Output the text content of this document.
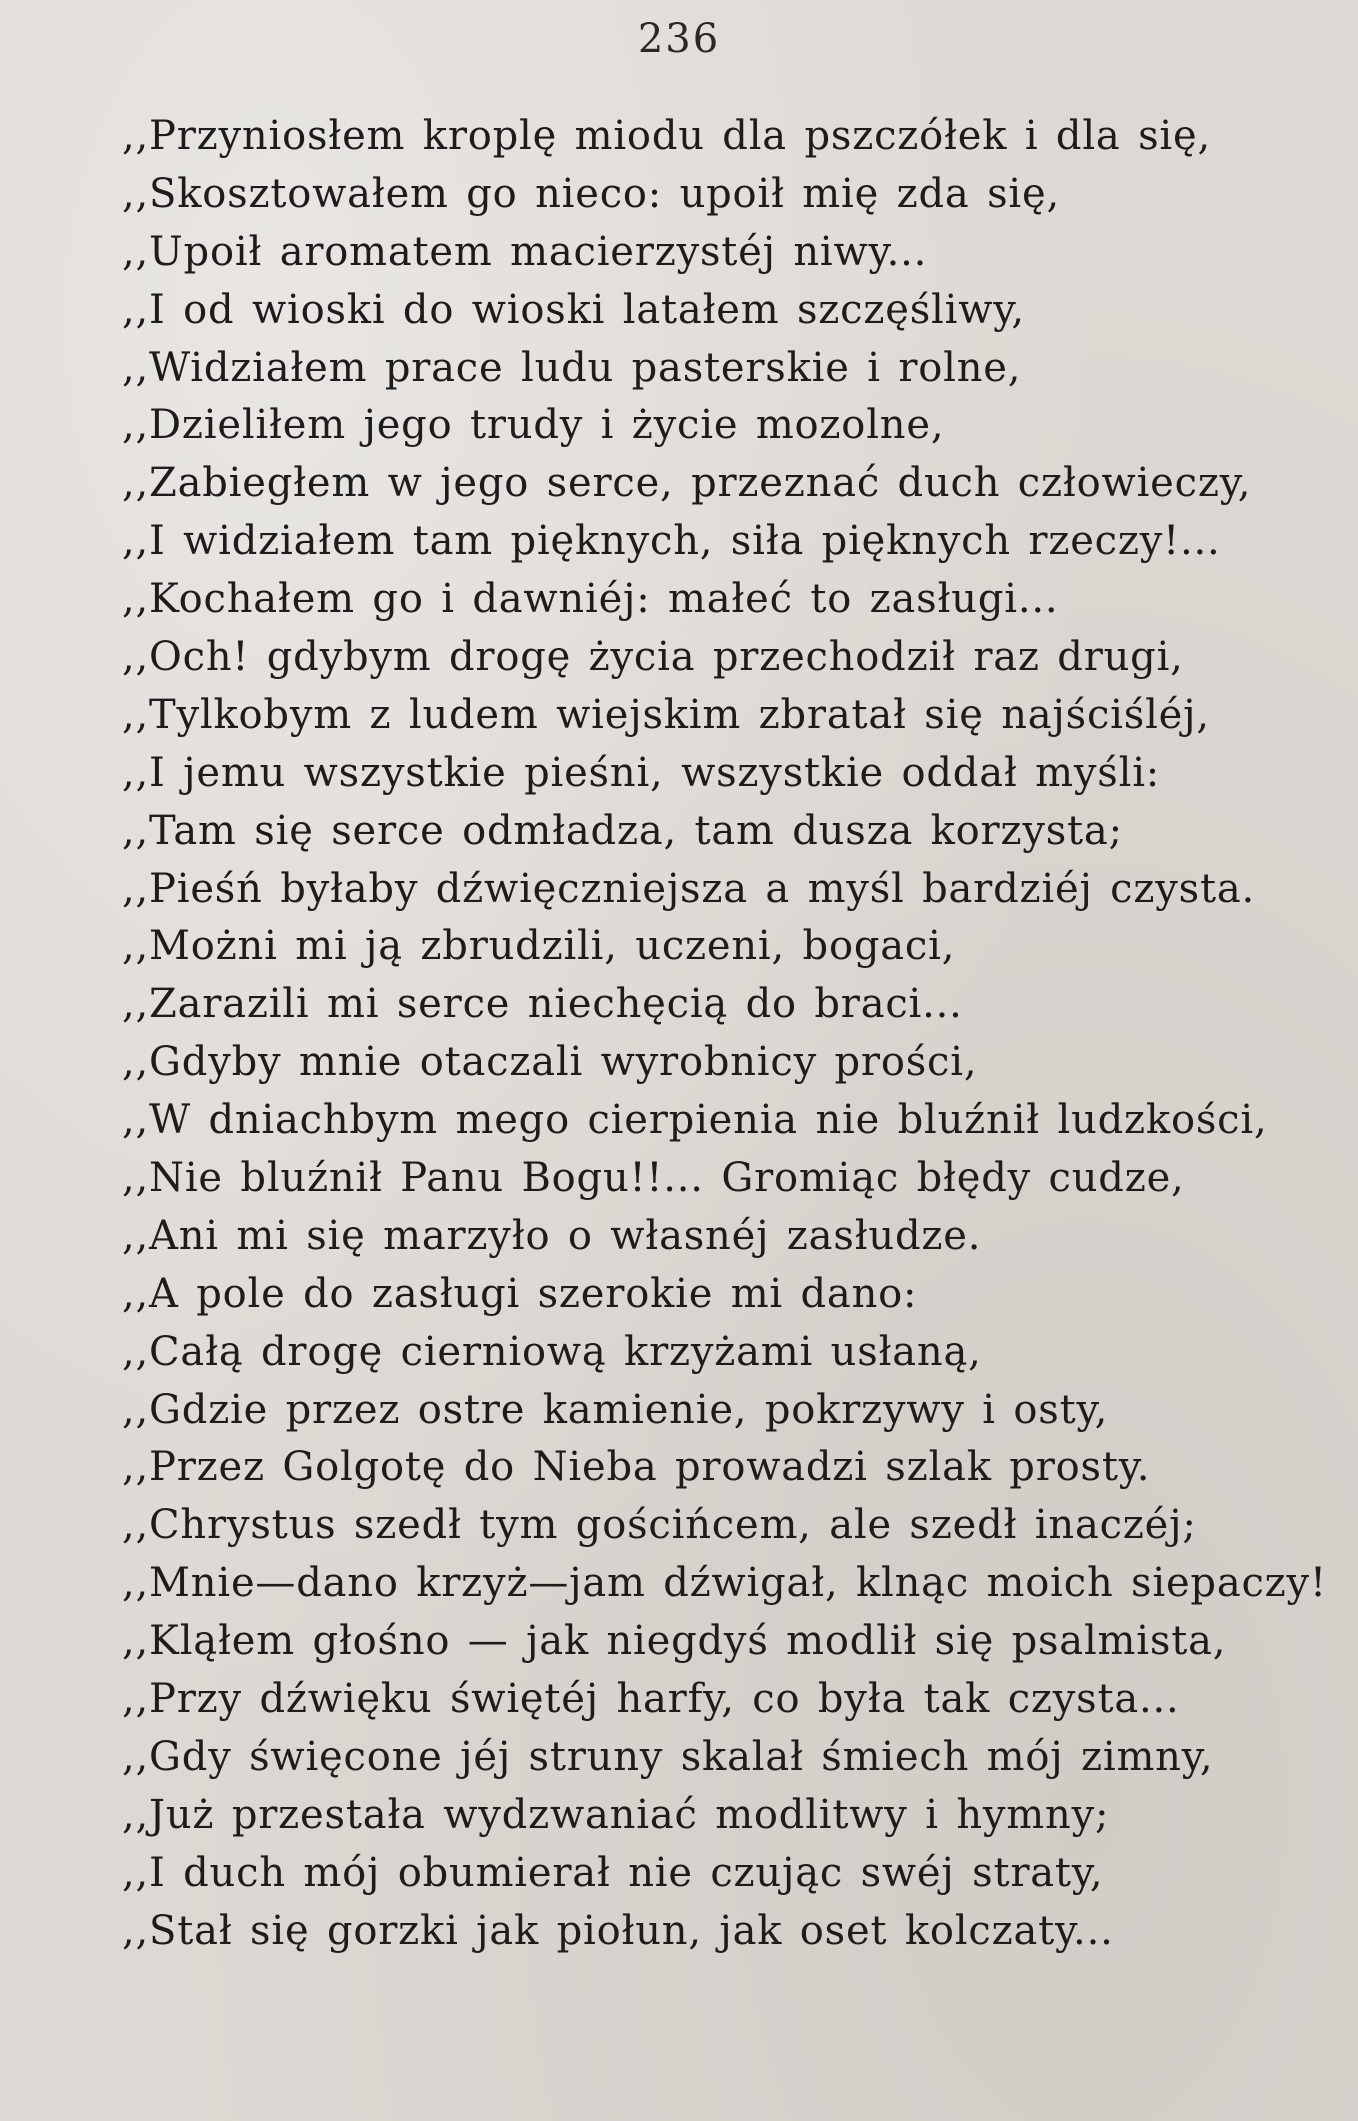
236
,,Przyniosłem kroplę miodu dla pszczółek i dla się,
,,Skosztowałem go nieco: upoił mię zda się,
,,Upoił aromatem macierzystéj niwy...
,,I od wioski do wioski latałem szczęśliwy,
,,Widziałem prace ludu pasterskie i rolne,
,,Dzieliłem jego trudy i życie mozolne,
,,Zabiegłem w jego serce, przeznać duch człowieczy,
,,I widziałem tam pięknych, siła pięknych rzeczy!...
,,Kochałem go i dawniéj: małeć to zasługi...
,,Och! gdybym drogę życia przechodził raz drugi,
,,Tylkobym z ludem wiejskim zbratał się najściśléj,
,,I jemu wszystkie pieśni, wszystkie oddał myśli:
,,Tam się serce odmładza, tam dusza korzysta;
,,Pieśń byłaby dźwięczniejsza a myśl bardziéj czysta.
,,Możni mi ją zbrudzili, uczeni, bogaci,
,,Zarazili mi serce niechęcią do braci...
,,Gdyby mnie otaczali wyrobnicy prości,
,,W dniachbym mego cierpienia nie bluźnił ludzkości,
,,Nie bluźnił Panu Bogu!!... Gromiąc błędy cudze,
,,Ani mi się marzyło o własnéj zasłudze.
,,A pole do zasługi szerokie mi dano:
,,Całą drogę cierniową krzyżami usłaną,
,,Gdzie przez ostre kamienie, pokrzywy i osty,
,,Przez Golgotę do Nieba prowadzi szlak prosty.
,,Chrystus szedł tym gościńcem, ale szedł inaczéj;
,,Mnie—dano krzyż—jam dźwigał, klnąc moich siepaczy!
,,Kląłem głośno — jak niegdyś modlił się psalmista,
,,Przy dźwięku świętéj harfy, co była tak czysta...
,,Gdy święcone jéj struny skalał śmiech mój zimny,
,,Już przestała wydzwaniać modlitwy i hymny;
,,I duch mój obumierał nie czując swéj straty,
,,Stał się gorzki jak piołun, jak oset kolczaty...
